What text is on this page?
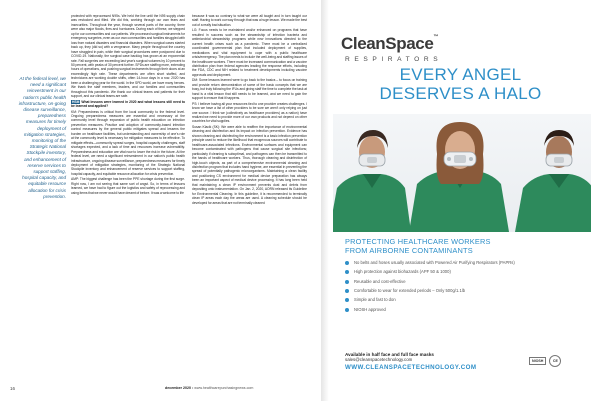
At the federal level, we need a significant reinvestment in our nation's public health infrastructure, on-going disease surveillance, preparedness measures for timely deployment of mitigation strategies, monitoring of the Strategic National Stockpile inventory, and enhancement of reserve services to support staffing, hospital capacity, and equitable resource allocation for crisis prevention.

protected with reprocessed N95s. We held the line until the N95 supply chain was restocked and filled. We did this, working through our own fears and insecurities. Throughout the year, through several parts of the country, there were also major floods, fires and hurricanes. During each of these, we stepped up for our communities and our patients. We processed surgical instruments for emergency surgeries, even as our own communities and families struggled with loss from natural disasters and financial disasters. When surgical cases started back up, they (did so) with a vengeance. Many people throughout the country have struggled in pain, while their surgical procedures were postponed due to COVID-19. Nationally, the surgical case backlog has grown at an exponential rate. Fall surgeries are exceeding last year's surgical volumes by 10 percent to 50 percent, with peaks of 30 percent further. SPDs are staffing more, extending hours of operations, and pushing surgical instruments through their doors at an exceedingly high rate. These departments are often short staffed, and technicians are working double shifts, often 14-hour days in a row. 2020 has been a challenging year for the world. In the SPD world, we have many heroes. We thank the staff members, leaders, and our families and communities throughout this pandemic. We thank our clinical teams and patients for their support, and our clinical teams are safe.

HSM What lessons were learned in 2020 and what lessons still need to be learned and applied?

KM: Preparedness is critical from the local community to the federal level. Ongoing preparedness measures are essential and necessary at the community level through expansion of public health education on infection prevention measures. Practice and adoption of community-based infection control measures by the general public mitigates spread and lessens the burden on healthcare facilities, but understanding and ownership of one's role at the community level is necessary for mitigation measures to be effective. To mitigate effects—community spread surges, hospital capacity challenges, staff shortages expected, and a lack of time and resources increase vulnerability. Preparedness and education are vital now to lower the risk in the future. At the federal level, we need a significant reinvestment in our nation's public health infrastructure, ongoing disease surveillance, preparedness measures for timely deployment of mitigation strategies, monitoring of the Strategic National Stockpile inventory and enhancement of reserve services to support staffing, hospital capacity, and equitable resource allocation for crisis prevention.

AMP: The biggest challenge has been the PPE shortage during the first surge. Right now, I am not seeing that same sort of angst. So, in terms of lessons learned, we have had to figure out the logistics and safety of reprocessing and using items that we never would have dreamt of before. It was a welcome to life

because it was so contrary to what we were all taught and in turn taught our staff. Having to work our way through that was a huge lesson. We made the best out of a really bad situation.

LG: Focus needs to be maintained and/or enhanced on programs that have resulted in success such as the stewardship of infection bacteria and antimicrobial stewardship programs while new innovations directed to the current health crises such as a pandemic. There must be a centralized coordinated governmental plan that included deployment of supplies, medications and vital equipment to cope with a public healthcare crisis/emergency. The plan needs to include the well-being and staffing issues of the healthcare workers. There must be increased communication and a vaccine distribution plan from federal agencies leading the response efforts, including the FDA, CDC and NIH related to treatment developments including vaccine approvals and deployment.

DM: Some lessons learned were to go back to the basics – to focus on training and provide return demonstration of some of the basic concepts that we are busy, but truly following the IFUs and giving staff the time to complete the task at hand is a vital lesson that still needs to be learned, and we need to gain the support to ensure that it happens.

PS: I believe having all your resources tied to one provider creates challenges. I know we have a list of other providers to be sure we aren't only relying on just one source. I think we (collectively as healthcare providers) as a nation) have realized we need to provide more of our own products and not depend on other countries for vital supplies.

Susan Klacik (SK): We were able to reaffirm the importance of environmental cleaning and disinfection and its impact on infection prevention. Evidence has shown cleaning and disinfecting the environment is a basic infection prevention principle used to reduce the likelihood that exogenous sources will contribute to healthcare-associated infections. Environmental surfaces and equipment can become contaminated with pathogens that cause surgical site infections; particularly if cleaning is suboptimal, and pathogens can then be transmitted to the hands of healthcare workers. Thus, thorough cleaning and disinfection of high-touch objects, as part of a comprehensive environmental cleaning and disinfection program that includes hand hygiene, are essential in preventing the spread of potentially pathogenic microorganisms. Maintaining a clean facility and positioning CS environment for medical device preparation has always been an important aspect of medical device processing. It has long been held that maintaining a clean IP environment prevents dust and debris from depositing onto instrumentation. On Jan. 2, 2020, AORN released its Guideline for Environmental Cleaning. In this guideline, it is recommended to terminally clean IP areas each day the areas are used. A cleaning schedule should be developed for areas that are not terminally cleaned

16	december 2020 • www.healthcarepurchasingnews.com
CleanSpace™
RESPIRATORS
EVERY ANGEL
DESERVES A HALO
PROTECTING HEALTHCARE WORKERS
FROM AIRBORNE CONTAMINANTS
No belts and hoses usually associated with Powered Air Purifying Respirators (PAPRs)
High protection against biohazards (APF 50 & 1000)
Reusable and cost-effective
Comfortable to wear for extended periods – Only 500g/1.1lb
Simple and fast to don
NIOSH approved
Available in half face and full face masks
sales@cleanspacetechnology.com
WWW.CLEANSPACETECHNOLOGY.COM
NIOSH	CE
